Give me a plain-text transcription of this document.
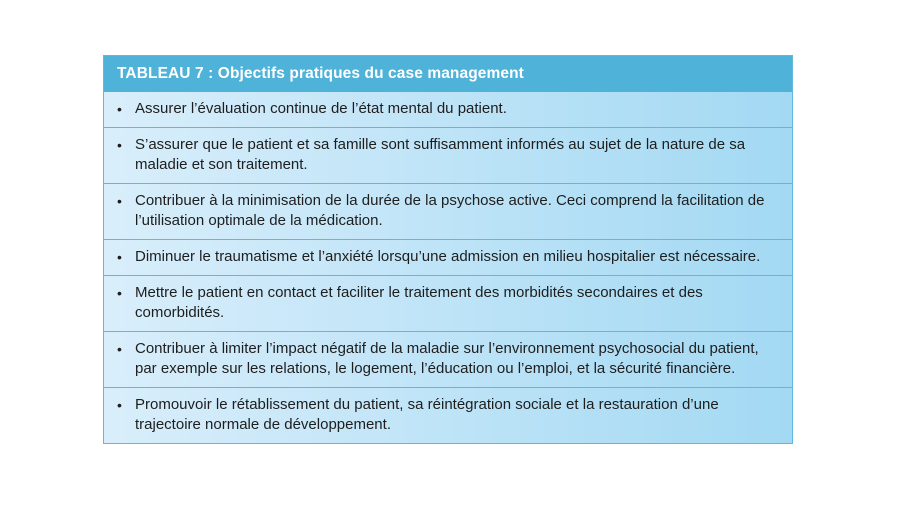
TABLEAU 7 : Objectifs pratiques du case management
• Assurer l’évaluation continue de l’état mental du patient.
• S’assurer que le patient et sa famille sont suffisamment informés au sujet de la nature de sa maladie et son traitement.
• Contribuer à la minimisation de la durée de la psychose active. Ceci comprend la facilitation de l’utilisation optimale de la médication.
• Diminuer le traumatisme et l’anxiété lorsqu’une admission en milieu hospitalier est nécessaire.
• Mettre le patient en contact et faciliter le traitement des morbidités secondaires et des comorbidités.
• Contribuer à limiter l’impact négatif de la maladie sur l’environnement psychosocial du patient, par exemple sur les relations, le logement, l’éducation ou l’emploi, et la sécurité financière.
• Promouvoir le rétablissement du patient, sa réintégration sociale et la restauration d’une trajectoire normale de développement.
